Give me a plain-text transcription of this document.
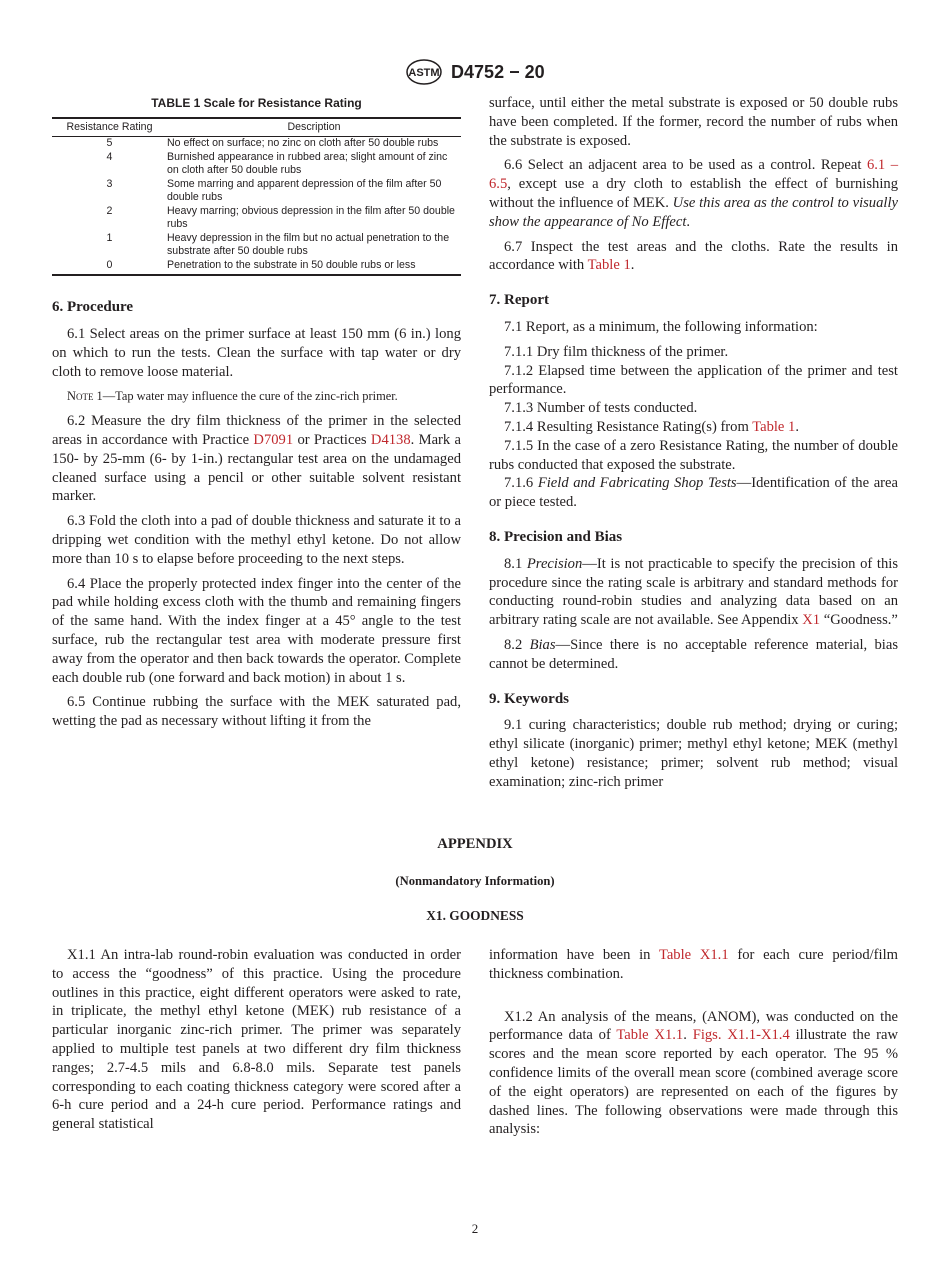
ASTM D4752 − 20
TABLE 1 Scale for Resistance Rating
Resistance Rating	Description
5	No effect on surface; no zinc on cloth after 50 double rubs
4	Burnished appearance in rubbed area; slight amount of zinc on cloth after 50 double rubs
3	Some marring and apparent depression of the film after 50 double rubs
2	Heavy marring; obvious depression in the film after 50 double rubs
1	Heavy depression in the film but no actual penetration to the substrate after 50 double rubs
0	Penetration to the substrate in 50 double rubs or less
6. Procedure

6.1 Select areas on the primer surface at least 150 mm (6 in.) long on which to run the tests. Clean the surface with tap water or dry cloth to remove loose material.

Note 1—Tap water may influence the cure of the zinc-rich primer.

6.2 Measure the dry film thickness of the primer in the selected areas in accordance with Practice D7091 or Practices D4138. Mark a 150- by 25-mm (6- by 1-in.) rectangular test area on the undamaged cleaned surface using a pencil or other suitable solvent resistant marker.

6.3 Fold the cloth into a pad of double thickness and saturate it to a dripping wet condition with the methyl ethyl ketone. Do not allow more than 10 s to elapse before proceeding to the next steps.

6.4 Place the properly protected index finger into the center of the pad while holding excess cloth with the thumb and remaining fingers of the same hand. With the index finger at a 45° angle to the test surface, rub the rectangular test area with moderate pressure first away from the operator and then back towards the operator. Complete each double rub (one forward and back motion) in about 1 s.

6.5 Continue rubbing the surface with the MEK saturated pad, wetting the pad as necessary without lifting it from the

surface, until either the metal substrate is exposed or 50 double rubs have been completed. If the former, record the number of rubs when the substrate is exposed.

6.6 Select an adjacent area to be used as a control. Repeat 6.1 – 6.5, except use a dry cloth to establish the effect of burnishing without the influence of MEK. Use this area as the control to visually show the appearance of No Effect.

6.7 Inspect the test areas and the cloths. Rate the results in accordance with Table 1.

7. Report

7.1 Report, as a minimum, the following information:

7.1.1 Dry film thickness of the primer.

7.1.2 Elapsed time between the application of the primer and test performance.

7.1.3 Number of tests conducted.

7.1.4 Resulting Resistance Rating(s) from Table 1.

7.1.5 In the case of a zero Resistance Rating, the number of double rubs conducted that exposed the substrate.

7.1.6 Field and Fabricating Shop Tests—Identification of the area or piece tested.

8. Precision and Bias

8.1 Precision—It is not practicable to specify the precision of this procedure since the rating scale is arbitrary and standard methods for conducting round-robin studies and analyzing data based on an arbitrary rating scale are not available. See Appendix X1 “Goodness.”

8.2 Bias—Since there is no acceptable reference material, bias cannot be determined.

9. Keywords

9.1 curing characteristics; double rub method; drying or curing; ethyl silicate (inorganic) primer; methyl ethyl ketone; MEK (methyl ethyl ketone) resistance; primer; solvent rub method; visual examination; zinc-rich primer

APPENDIX
(Nonmandatory Information)
X1. GOODNESS

X1.1 An intra-lab round-robin evaluation was conducted in order to access the “goodness” of this practice. Using the procedure outlines in this practice, eight different operators were asked to rate, in triplicate, the methyl ethyl ketone (MEK) rub resistance of a particular inorganic zinc-rich primer. The primer was separately applied to multiple test panels at two different dry film thickness ranges; 2.7-4.5 mils and 6.8-8.0 mils. Separate test panels corresponding to each coating thickness category were scored after a 6-h cure period and a 24-h cure period. Performance ratings and general statistical

information have been in Table X1.1 for each cure period/film thickness combination.

X1.2 An analysis of the means, (ANOM), was conducted on the performance data of Table X1.1. Figs. X1.1-X1.4 illustrate the raw scores and the mean score reported by each operator. The 95 % confidence limits of the overall mean score (combined average score of the eight operators) are represented on each of the figures by dashed lines. The following observations were made through this analysis:

2
